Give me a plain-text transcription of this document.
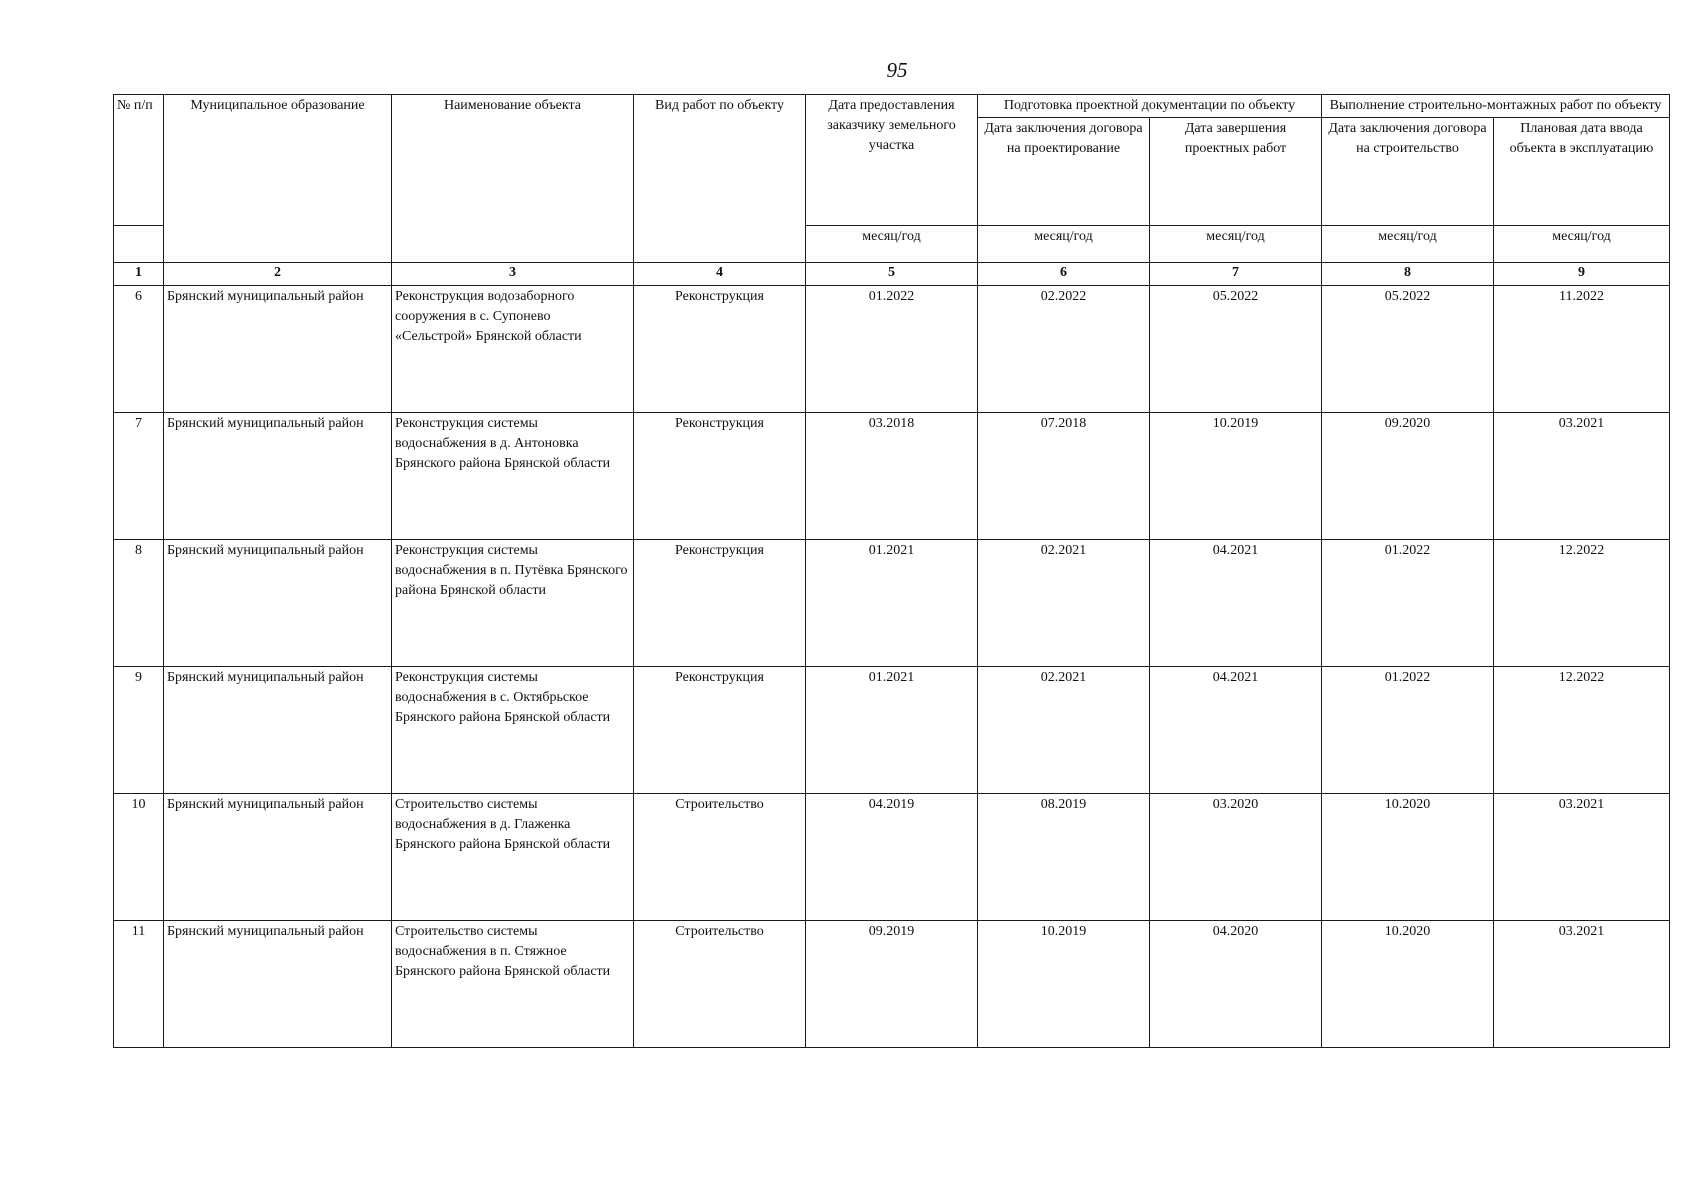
95
№ п/п	Муниципальное образование	Наименование объекта	Вид работ по объекту	Дата предоставления заказчику земельного участка	Подготовка проектной документации по объекту		Выполнение строительно-монтажных работ по объекту	
					Дата заключения договора на проектирование	Дата завершения проектных работ	Дата заключения договора на строительство	Плановая дата ввода объекта в эксплуатацию
				месяц/год	месяц/год	месяц/год	месяц/год	месяц/год
1	2	3	4	5	6	7	8	9
6	Брянский муниципальный район	Реконструкция водозаборного сооружения в с. Супонево «Сельстрой» Брянской области	Реконструкция	01.2022	02.2022	05.2022	05.2022	11.2022
7	Брянский муниципальный район	Реконструкция системы водоснабжения в д. Антоновка Брянского района Брянской области	Реконструкция	03.2018	07.2018	10.2019	09.2020	03.2021
8	Брянский муниципальный район	Реконструкция системы водоснабжения в п. Путёвка Брянского района Брянской области	Реконструкция	01.2021	02.2021	04.2021	01.2022	12.2022
9	Брянский муниципальный район	Реконструкция системы водоснабжения в с. Октябрьское Брянского района Брянской области	Реконструкция	01.2021	02.2021	04.2021	01.2022	12.2022
10	Брянский муниципальный район	Строительство системы водоснабжения в д. Глаженка Брянского района Брянской области	Строительство	04.2019	08.2019	03.2020	10.2020	03.2021
11	Брянский муниципальный район	Строительство системы водоснабжения в п. Стяжное Брянского района Брянской области	Строительство	09.2019	10.2019	04.2020	10.2020	03.2021
